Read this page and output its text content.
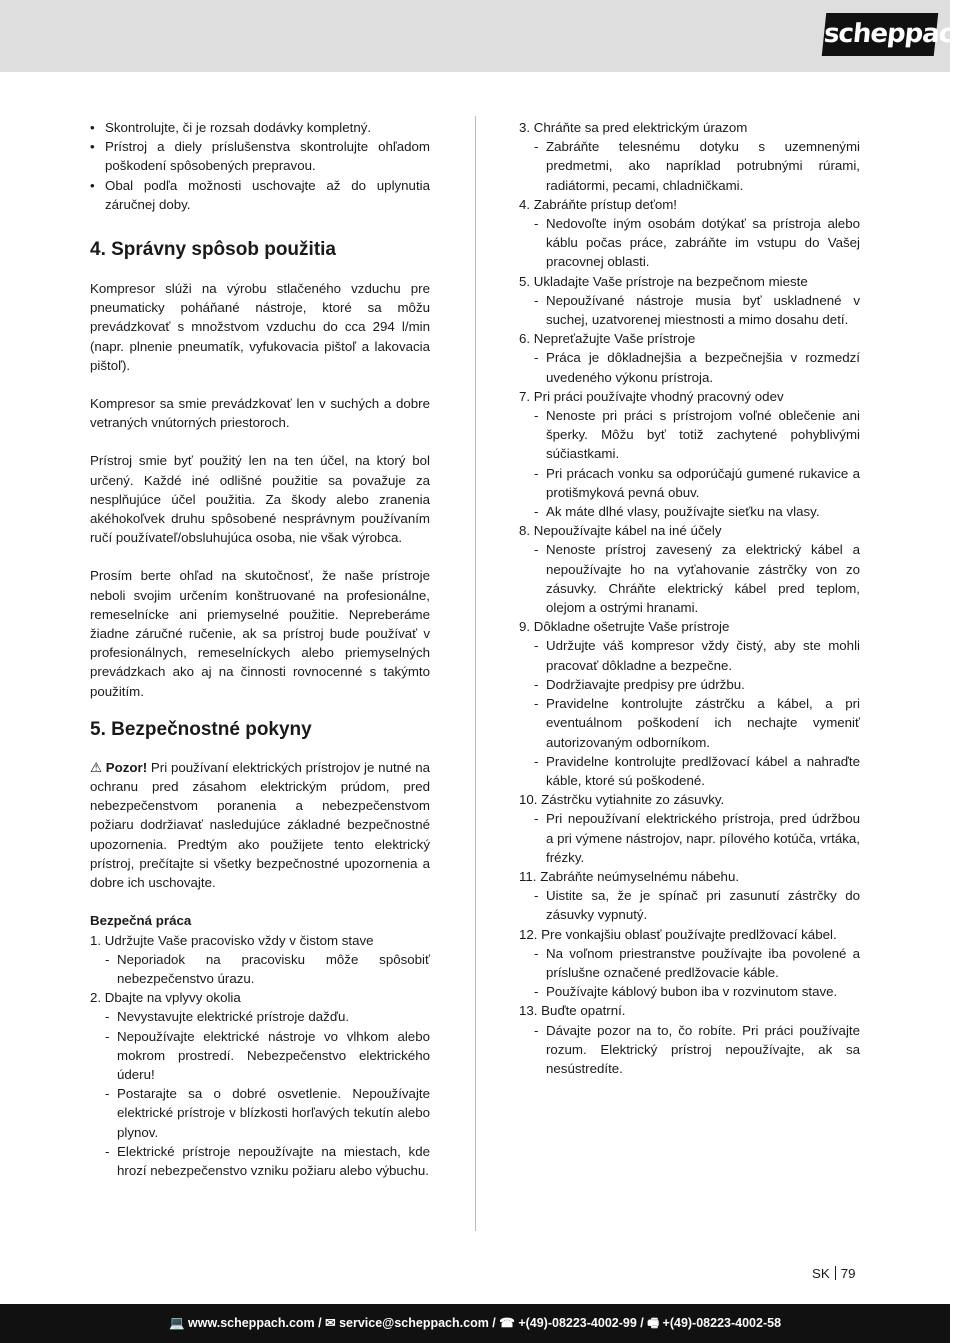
scheppach
• Skontrolujte, či je rozsah dodávky kompletný.
• Prístroj a diely príslušenstva skontrolujte ohľadom poškodení spôsobených prepravou.
• Obal podľa možnosti uschovajte až do uplynutia záručnej doby.
4. Správny spôsob použitia

Kompresor slúži na výrobu stlačeného vzduchu pre pneumaticky poháňané nástroje, ktoré sa môžu prevádzkovať s množstvom vzduchu do cca 294 l/min (napr. plnenie pneumatík, vyfukovacia pištoľ a lakovacia pištoľ).

Kompresor sa smie prevádzkovať len v suchých a dobre vetraných vnútorných priestoroch.

Prístroj smie byť použitý len na ten účel, na ktorý bol určený. Každé iné odlišné použitie sa považuje za nesplňujúce účel použitia. Za škody alebo zranenia akéhokoľvek druhu spôsobené nesprávnym používaním ručí používateľ/obsluhujúca osoba, nie však výrobca.

Prosím berte ohľad na skutočnosť, že naše prístroje neboli svojim určením konštruované na profesionálne, remeselnícke ani priemyselné použitie. Nepreberáme žiadne záručné ručenie, ak sa prístroj bude používať v profesionálnych, remeselníckych alebo priemyselných prevádzkach ako aj na činnosti rovnocenné s takýmto použitím.

5. Bezpečnostné pokyny

⚠ Pozor! Pri používaní elektrických prístrojov je nutné na ochranu pred zásahom elektrickým prúdom, pred nebezpečenstvom poranenia a nebezpečenstvom požiaru dodržiavať nasledujúce základné bezpečnostné upozornenia. Predtým ako použijete tento elektrický prístroj, prečítajte si všetky bezpečnostné upozornenia a dobre ich uschovajte.

Bezpečná práca

1. Udržujte Vaše pracovisko vždy v čistom stave
- Neporiadok na pracovisku môže spôsobiť nebezpečenstvo úrazu.
2. Dbajte na vplyvy okolia
- Nevystavujte elektrické prístroje dažďu.
- Nepoužívajte elektrické nástroje vo vlhkom alebo mokrom prostredí. Nebezpečenstvo elektrického úderu!
- Postarajte sa o dobré osvetlenie. Nepoužívajte elektrické prístroje v blízkosti horľavých tekutín alebo plynov.
- Elektrické prístroje nepoužívajte na miestach, kde hrozí nebezpečenstvo vzniku požiaru alebo výbuchu.
3. Chráňte sa pred elektrickým úrazom
- Zabráňte telesnému dotyku s uzemnenými predmetmi, ako napríklad potrubnými rúrami, radiátormi, pecami, chladničkami.
4. Zabráňte prístup deťom!
- Nedovoľte iným osobám dotýkať sa prístroja alebo káblu počas práce, zabráňte im vstupu do Vašej pracovnej oblasti.
5. Ukladajte Vaše prístroje na bezpečnom mieste
- Nepoužívané nástroje musia byť uskladnené v suchej, uzatvorenej miestnosti a mimo dosahu detí.
6. Nepreťažujte Vaše prístroje
- Práca je dôkladnejšia a bezpečnejšia v rozmedzí uvedeného výkonu prístroja.
7. Pri práci používajte vhodný pracovný odev
- Nenoste pri práci s prístrojom voľné oblečenie ani šperky. Môžu byť totiž zachytené pohyblivými súčiastkami.
- Pri prácach vonku sa odporúčajú gumené rukavice a protišmyková pevná obuv.
- Ak máte dlhé vlasy, používajte sieťku na vlasy.
8. Nepoužívajte kábel na iné účely
- Nenoste prístroj zavesený za elektrický kábel a nepoužívajte ho na vyťahovanie zástrčky von zo zásuvky. Chráňte elektrický kábel pred teplom, olejom a ostrými hranami.
9. Dôkladne ošetrujte Vaše prístroje
- Udržujte váš kompresor vždy čistý, aby ste mohli pracovať dôkladne a bezpečne.
- Dodržiavajte predpisy pre údržbu.
- Pravidelne kontrolujte zástrčku a kábel, a pri eventuálnom poškodení ich nechajte vymeniť autorizovaným odborníkom.
- Pravidelne kontrolujte predlžovací kábel a nahraďte káble, ktoré sú poškodené.
10. Zástrčku vytiahnite zo zásuvky.
- Pri nepoužívaní elektrického prístroja, pred údržbou a pri výmene nástrojov, napr. pílového kotúča, vrtáka, frézky.
11. Zabráňte neúmyselnému nábehu.
- Uistite sa, že je spínač pri zasunutí zástrčky do zásuvky vypnutý.
12. Pre vonkajšiu oblasť používajte predlžovací kábel.
- Na voľnom priestranstve používajte iba povolené a príslušne označené predlžovacie káble.
- Používajte káblový bubon iba v rozvinutom stave.
13. Buďte opatrní.
- Dávajte pozor na to, čo robíte. Pri práci používajte rozum. Elektrický prístroj nepoužívajte, ak sa nesústredíte.
SK 79
💻 www.scheppach.com / ✉ service@scheppach.com / ☎ +(49)-08223-4002-99 / 🖷 +(49)-08223-4002-58
